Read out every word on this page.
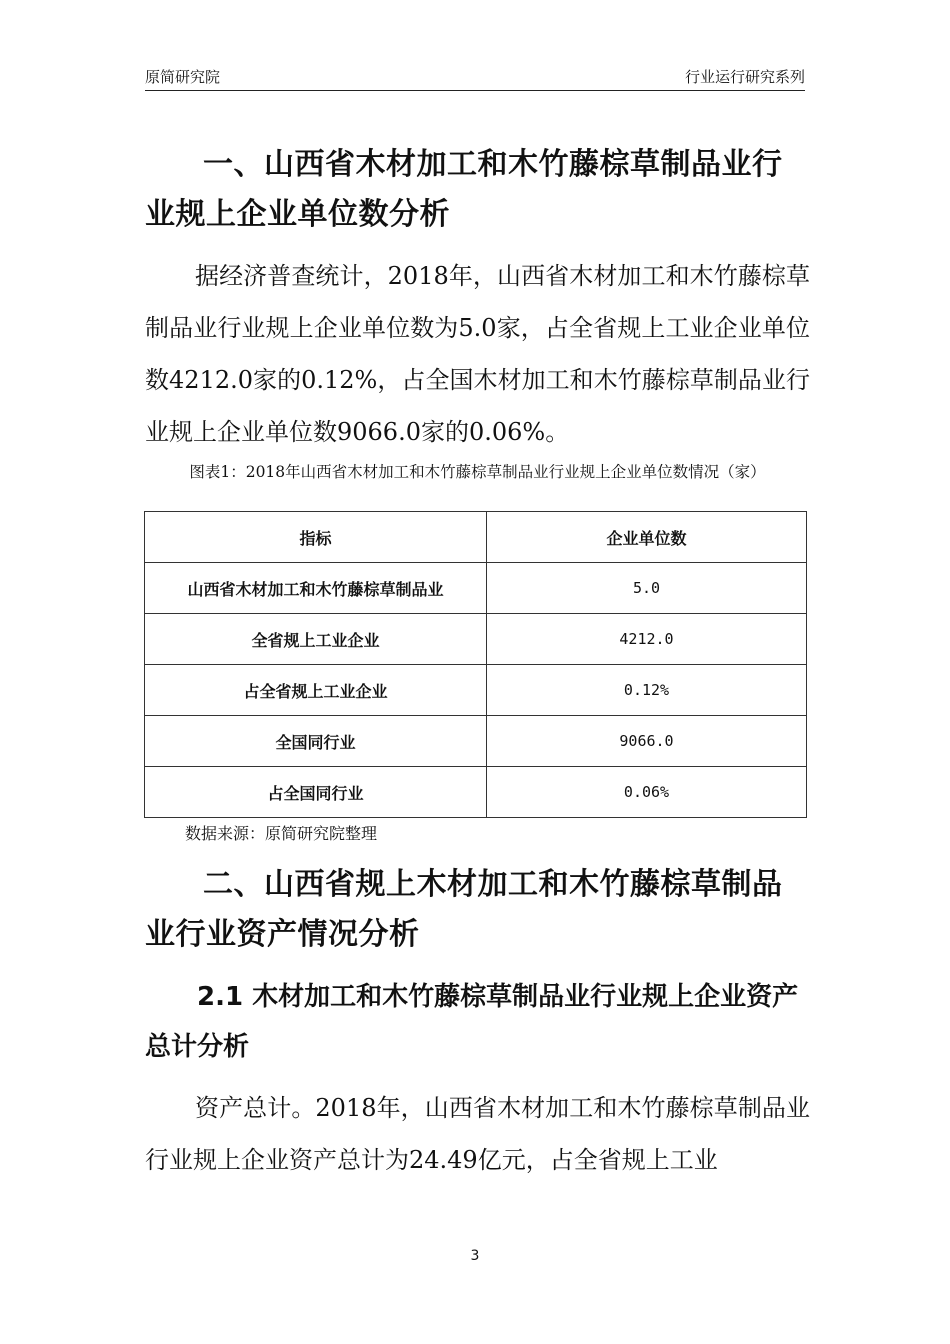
原简研究院	行业运行研究系列
一、山西省木材加工和木竹藤棕草制品业行业规上企业单位数分析
据经济普查统计，2018年，山西省木材加工和木竹藤棕草制品业行业规上企业单位数为5.0家，占全省规上工业企业单位数4212.0家的0.12%，占全国木材加工和木竹藤棕草制品业行业规上企业单位数9066.0家的0.06%。
图表1：2018年山西省木材加工和木竹藤棕草制品业行业规上企业单位数情况（家）
指标	企业单位数
山西省木材加工和木竹藤棕草制品业	5.0
全省规上工业企业	4212.0
占全省规上工业企业	0.12%
全国同行业	9066.0
占全国同行业	0.06%
数据来源：原简研究院整理
二、山西省规上木材加工和木竹藤棕草制品业行业资产情况分析
2.1 木材加工和木竹藤棕草制品业行业规上企业资产总计分析
资产总计。2018年，山西省木材加工和木竹藤棕草制品业行业规上企业资产总计为24.49亿元，占全省规上工业
3
